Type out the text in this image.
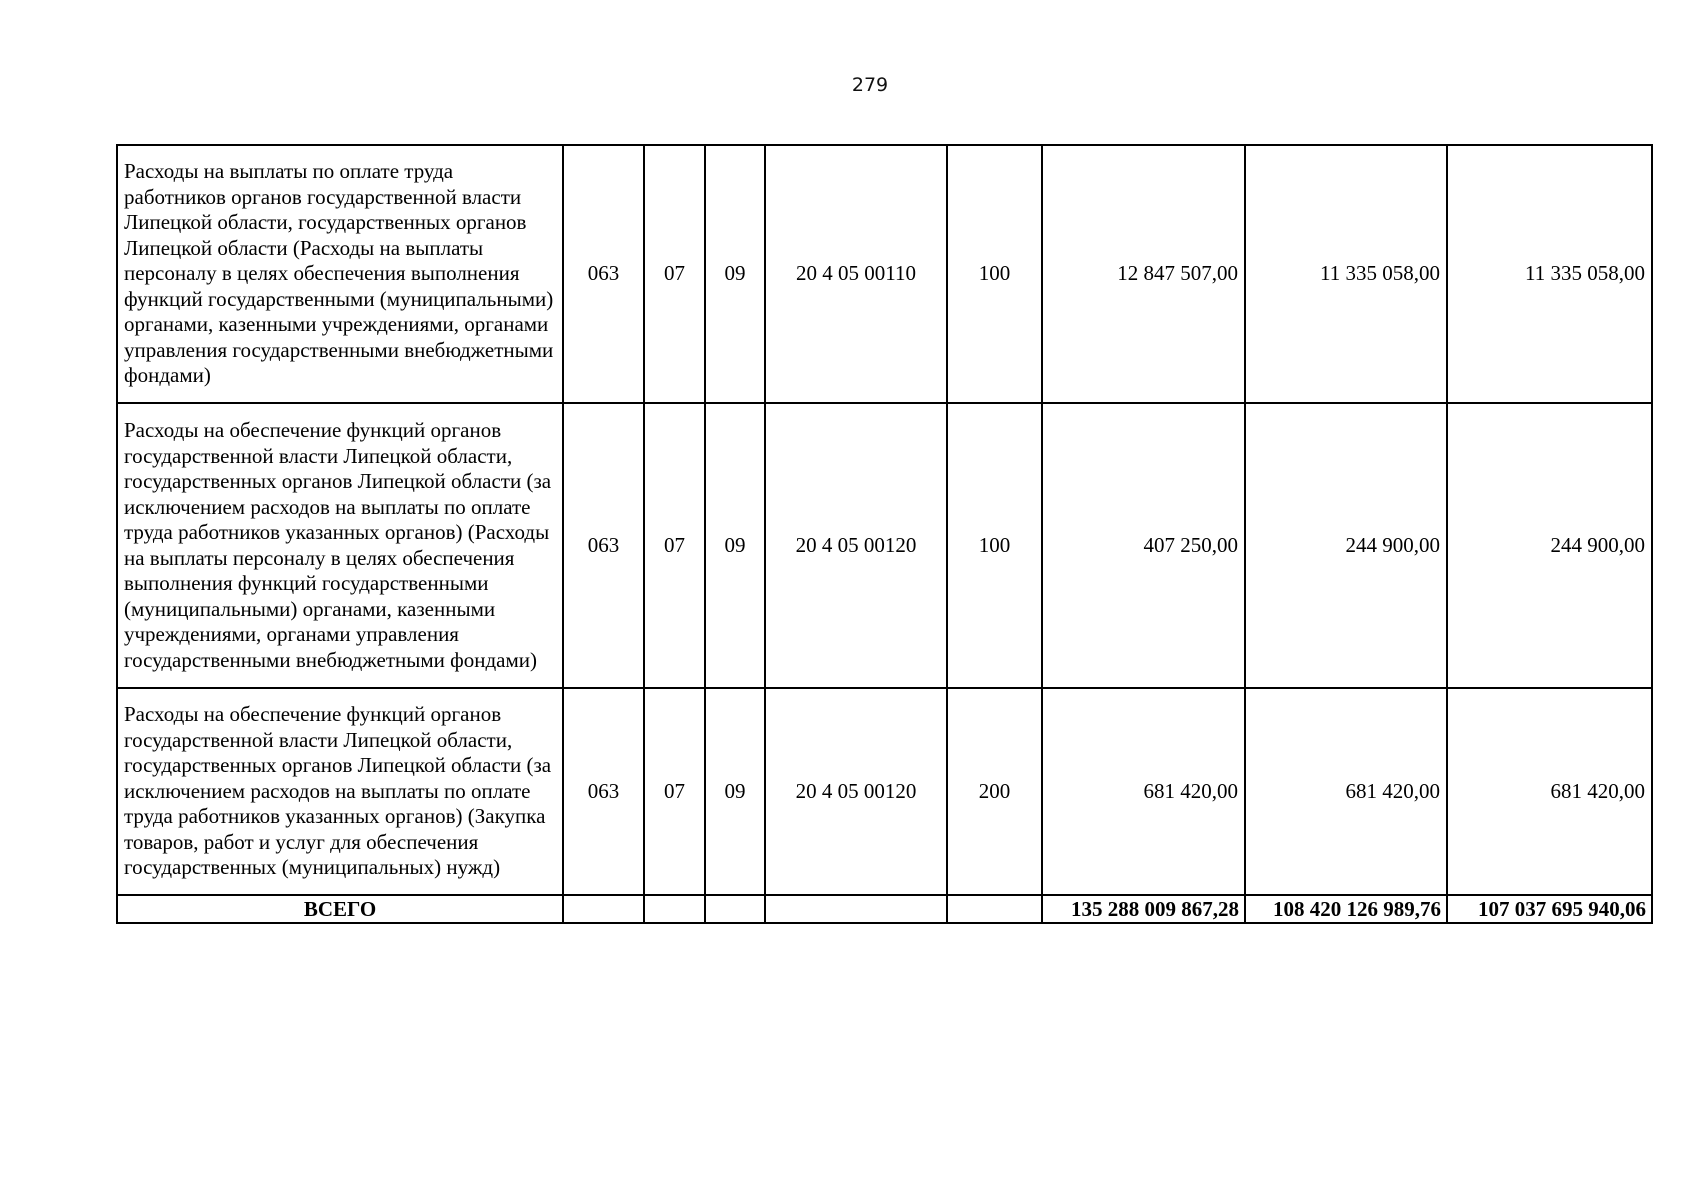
279
Расходы на выплаты по оплате труда работников органов государственной власти Липецкой области, государственных органов Липецкой области (Расходы на выплаты персоналу в целях обеспечения выполнения функций государственными (муниципальными) органами, казенными учреждениями, органами управления государственными внебюджетными фондами)	063	07	09	20 4 05 00110	100	12 847 507,00	11 335 058,00	11 335 058,00
Расходы на обеспечение функций органов государственной власти Липецкой области, государственных органов Липецкой области (за исключением расходов на выплаты по оплате труда работников указанных органов) (Расходы на выплаты персоналу в целях обеспечения выполнения функций государственными (муниципальными) органами, казенными учреждениями, органами управления государственными внебюджетными фондами)	063	07	09	20 4 05 00120	100	407 250,00	244 900,00	244 900,00
Расходы на обеспечение функций органов государственной власти Липецкой области, государственных органов Липецкой области (за исключением расходов на выплаты по оплате труда работников указанных органов) (Закупка товаров, работ и услуг для обеспечения государственных (муниципальных) нужд)	063	07	09	20 4 05 00120	200	681 420,00	681 420,00	681 420,00
ВСЕГО						135 288 009 867,28	108 420 126 989,76	107 037 695 940,06
